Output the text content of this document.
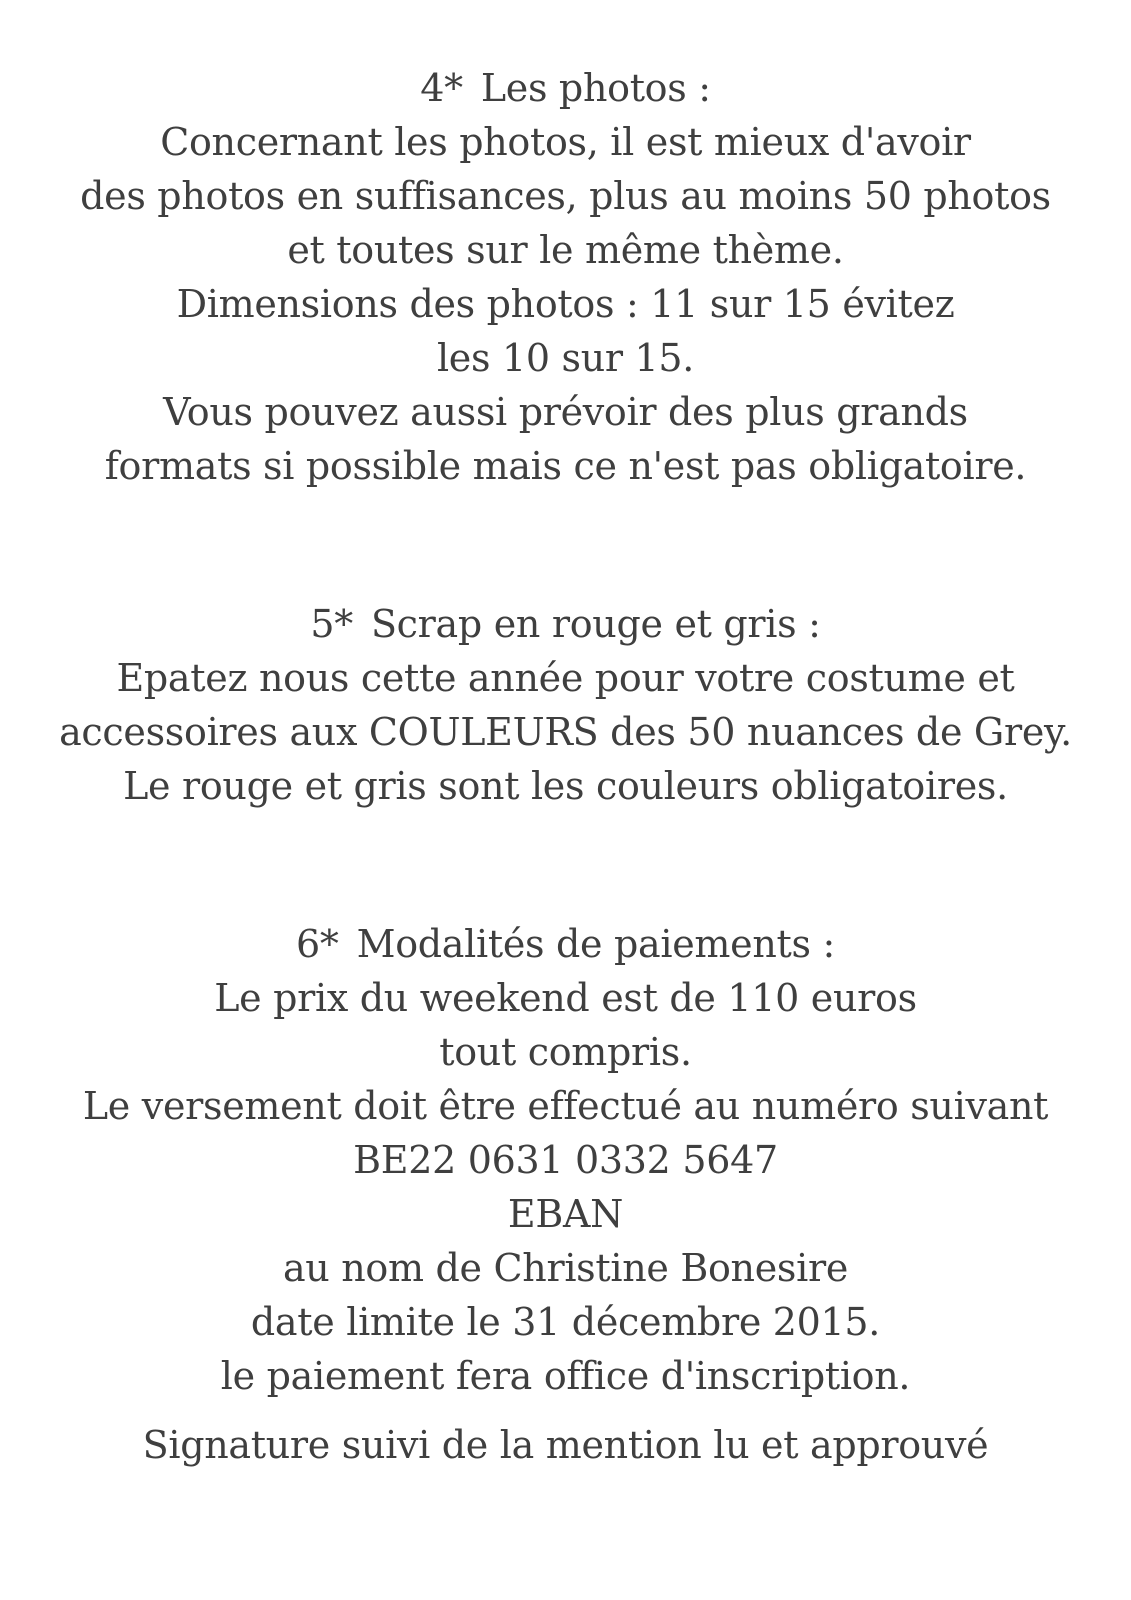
4* Les photos :
Concernant les photos, il est mieux d'avoir
des photos en suffisances, plus au moins 50 photos
et toutes sur le même thème.
Dimensions des photos : 11 sur 15 évitez
les 10 sur 15.
Vous pouvez aussi prévoir des plus grands
formats si possible mais ce n'est pas obligatoire.
5* Scrap en rouge et gris :
Epatez nous cette année pour votre costume et
accessoires aux COULEURS des 50 nuances de Grey.
Le rouge et gris sont les couleurs obligatoires.
6* Modalités de paiements :
Le prix du weekend est de 110 euros
tout compris.
Le versement doit être effectué au numéro suivant
BE22 0631 0332 5647
EBAN
au nom de Christine Bonesire
date limite le 31 décembre 2015.
le paiement fera office d'inscription.
Signature suivi de la mention lu et approuvé
